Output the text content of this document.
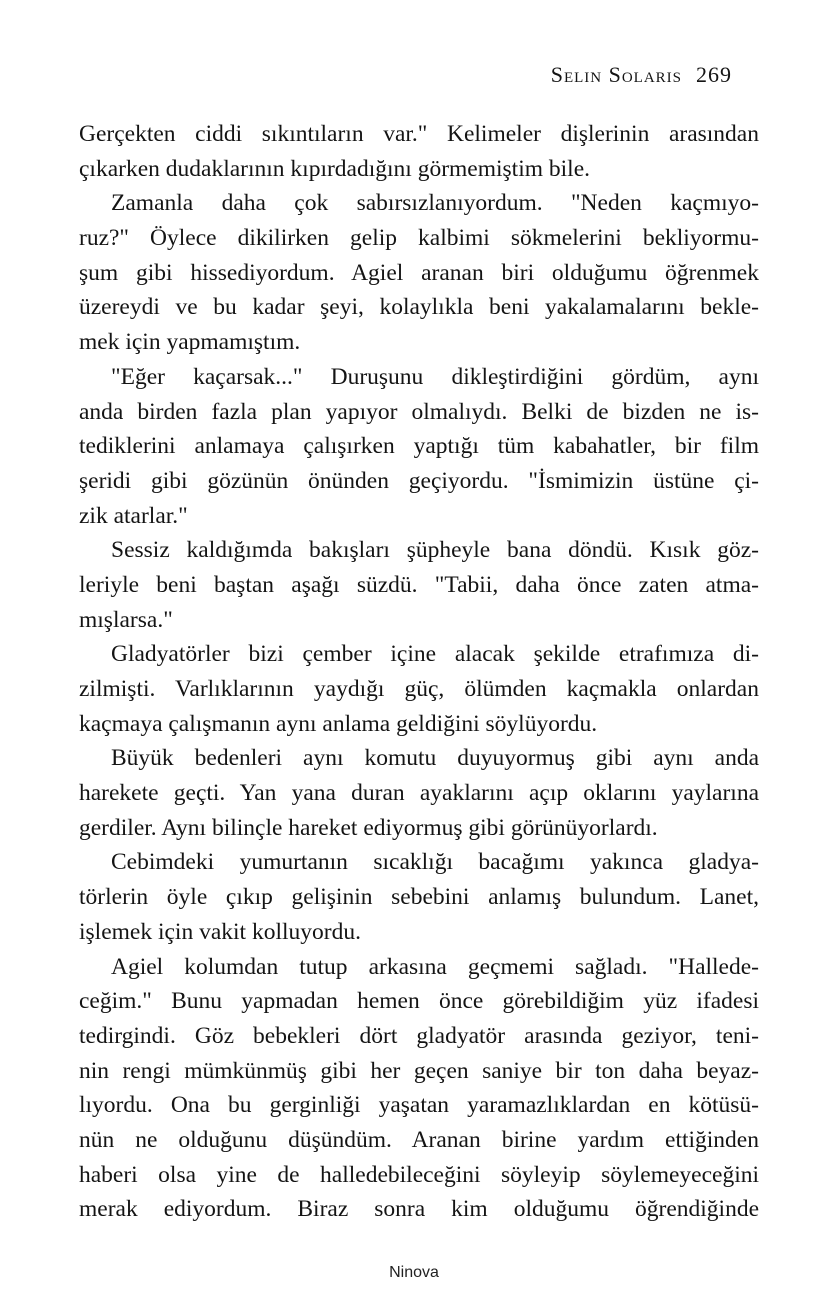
Selin Solaris 269
Gerçekten ciddi sıkıntıların var." Kelimeler dişlerinin arasından
çıkarken dudaklarının kıpırdadığını görmemiştim bile.
Zamanla daha çok sabırsızlanıyordum. "Neden kaçmıyo-
ruz?" Öylece dikilirken gelip kalbimi sökmelerini bekliyormu-
şum gibi hissediyordum. Agiel aranan biri olduğumu öğrenmek
üzereydi ve bu kadar şeyi, kolaylıkla beni yakalamalarını bekle-
mek için yapmamıştım.
"Eğer kaçarsak..." Duruşunu dikleştirdiğini gördüm, aynı
anda birden fazla plan yapıyor olmalıydı. Belki de bizden ne is-
tediklerini anlamaya çalışırken yaptığı tüm kabahatler, bir film
şeridi gibi gözünün önünden geçiyordu. "İsmimizin üstüne çi-
zik atarlar."
Sessiz kaldığımda bakışları şüpheyle bana döndü. Kısık göz-
leriyle beni baştan aşağı süzdü. "Tabii, daha önce zaten atma-
mışlarsa."
Gladyatörler bizi çember içine alacak şekilde etrafımıza di-
zilmişti. Varlıklarının yaydığı güç, ölümden kaçmakla onlardan
kaçmaya çalışmanın aynı anlama geldiğini söylüyordu.
Büyük bedenleri aynı komutu duyuyormuş gibi aynı anda
harekete geçti. Yan yana duran ayaklarını açıp oklarını yaylarına
gerdiler. Aynı bilinçle hareket ediyormuş gibi görünüyorlardı.
Cebimdeki yumurtanın sıcaklığı bacağımı yakınca gladya-
törlerin öyle çıkıp gelişinin sebebini anlamış bulundum. Lanet,
işlemek için vakit kolluyordu.
Agiel kolumdan tutup arkasına geçmemi sağladı. "Hallede-
ceğim." Bunu yapmadan hemen önce görebildiğim yüz ifadesi
tedirgindi. Göz bebekleri dört gladyatör arasında geziyor, teni-
nin rengi mümkünmüş gibi her geçen saniye bir ton daha beyaz-
lıyordu. Ona bu gerginliği yaşatan yaramazlıklardan en kötüsü-
nün ne olduğunu düşündüm. Aranan birine yardım ettiğinden
haberi olsa yine de halledebileceğini söyleyip söylemeyeceğini
merak ediyordum. Biraz sonra kim olduğumu öğrendiğinde
Ninova
